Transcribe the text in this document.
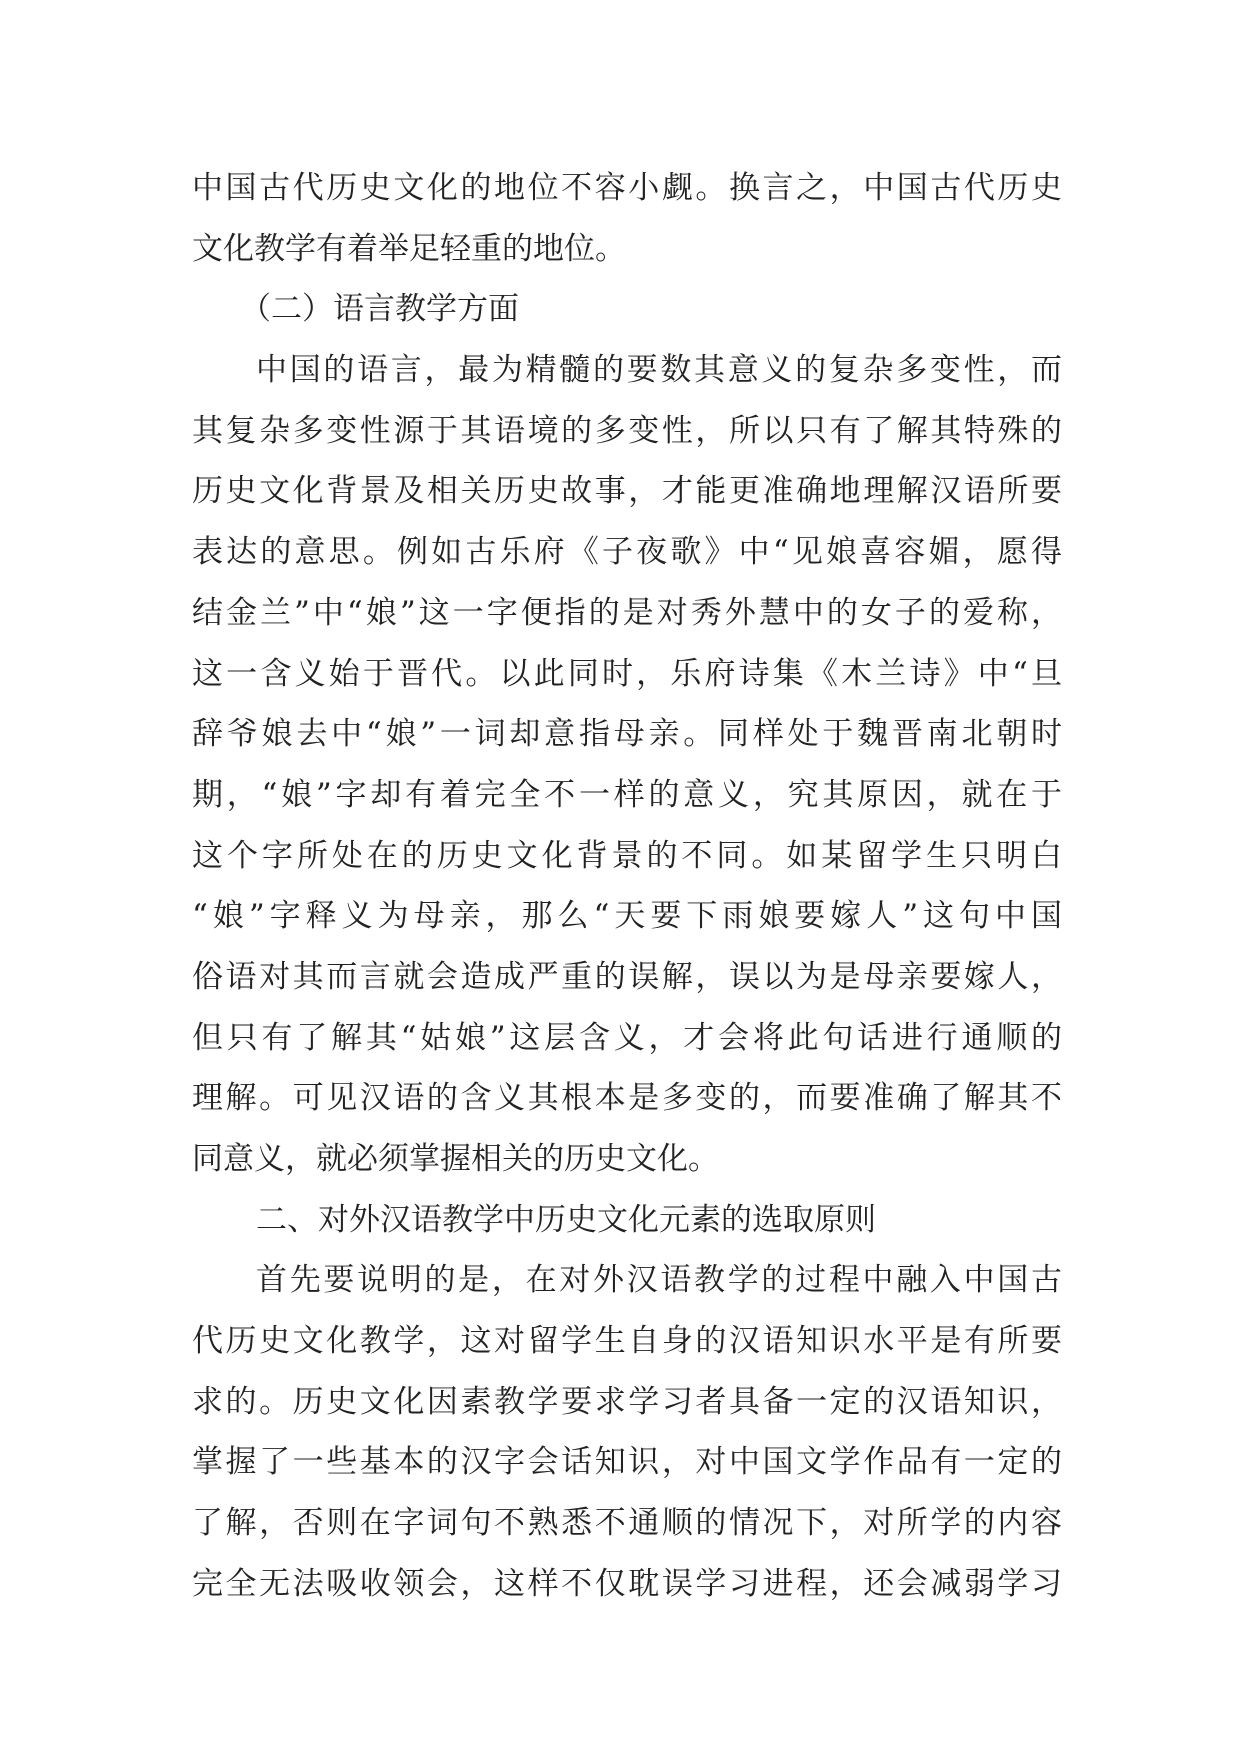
中国古代历史文化的地位不容小觑。换言之，中国古代历史
文化教学有着举足轻重的地位。
（二）语言教学方面
中国的语言，最为精髓的要数其意义的复杂多变性，而
其复杂多变性源于其语境的多变性，所以只有了解其特殊的
历史文化背景及相关历史故事，才能更准确地理解汉语所要
表达的意思。例如古乐府《子夜歌》中“见娘喜容媚，愿得
结金兰”中“娘”这一字便指的是对秀外慧中的女子的爱称，
这一含义始于晋代。以此同时，乐府诗集《木兰诗》中“旦
辞爷娘去中“娘”一词却意指母亲。同样处于魏晋南北朝时
期，“娘”字却有着完全不一样的意义，究其原因，就在于
这个字所处在的历史文化背景的不同。如某留学生只明白
“娘”字释义为母亲，那么“天要下雨娘要嫁人”这句中国
俗语对其而言就会造成严重的误解，误以为是母亲要嫁人，
但只有了解其“姑娘”这层含义，才会将此句话进行通顺的
理解。可见汉语的含义其根本是多变的，而要准确了解其不
同意义，就必须掌握相关的历史文化。
二、对外汉语教学中历史文化元素的选取原则
首先要说明的是，在对外汉语教学的过程中融入中国古
代历史文化教学，这对留学生自身的汉语知识水平是有所要
求的。历史文化因素教学要求学习者具备一定的汉语知识，
掌握了一些基本的汉字会话知识，对中国文学作品有一定的
了解，否则在字词句不熟悉不通顺的情况下，对所学的内容
完全无法吸收领会，这样不仅耽误学习进程，还会减弱学习
